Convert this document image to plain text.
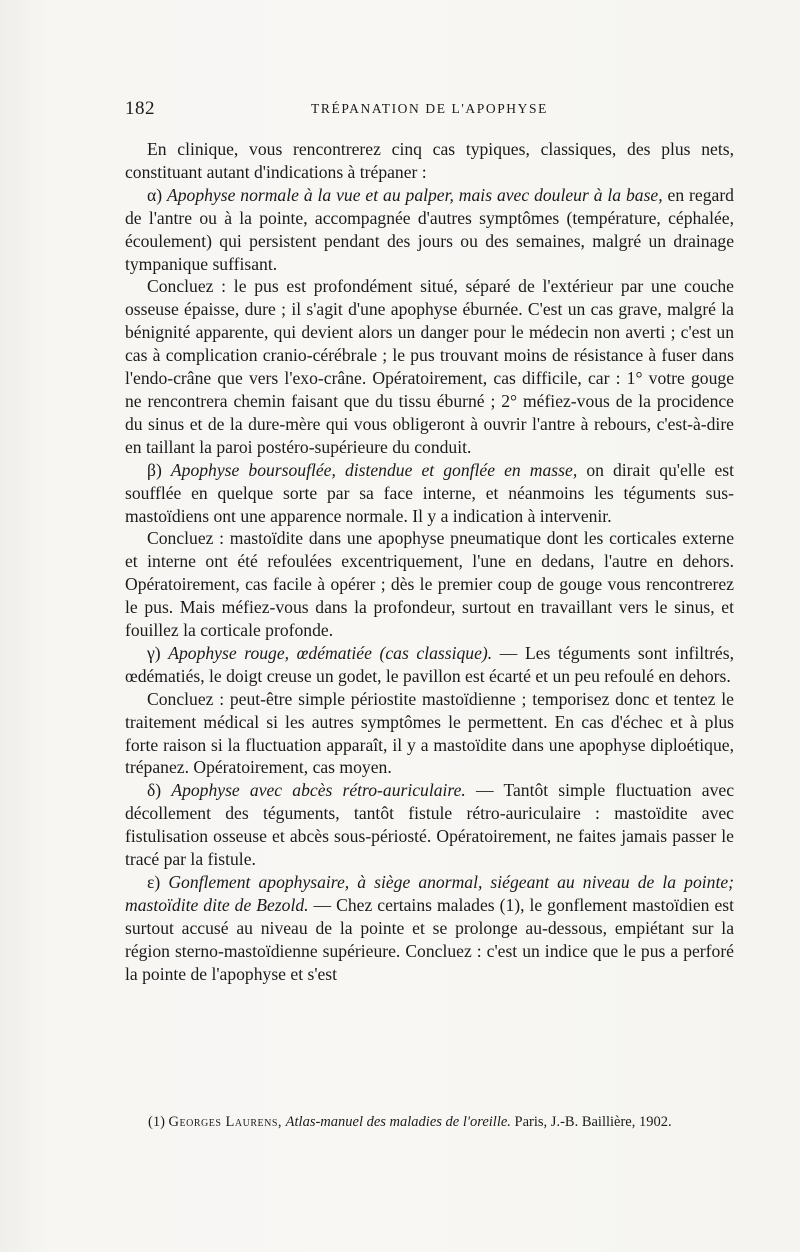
182	TRÉPANATION DE L'APOPHYSE

En clinique, vous rencontrerez cinq cas typiques, classiques, des plus nets, constituant autant d'indications à trépaner :

α) Apophyse normale à la vue et au palper, mais avec douleur à la base, en regard de l'antre ou à la pointe, accompagnée d'autres symptômes (température, céphalée, écoulement) qui persistent pendant des jours ou des semaines, malgré un drainage tympanique suffisant.

Concluez : le pus est profondément situé, séparé de l'extérieur par une couche osseuse épaisse, dure ; il s'agit d'une apophyse éburnée. C'est un cas grave, malgré la bénignité apparente, qui devient alors un danger pour le médecin non averti ; c'est un cas à complication cranio-cérébrale ; le pus trouvant moins de résistance à fuser dans l'endo-crâne que vers l'exo-crâne. Opératoirement, cas difficile, car : 1° votre gouge ne rencontrera chemin faisant que du tissu éburné ; 2° méfiez-vous de la procidence du sinus et de la dure-mère qui vous obligeront à ouvrir l'antre à rebours, c'est-à-dire en taillant la paroi postéro-supérieure du conduit.

β) Apophyse boursouflée, distendue et gonflée en masse, on dirait qu'elle est soufflée en quelque sorte par sa face interne, et néanmoins les téguments sus-mastoïdiens ont une apparence normale. Il y a indication à intervenir.

Concluez : mastoïdite dans une apophyse pneumatique dont les corticales externe et interne ont été refoulées excentriquement, l'une en dedans, l'autre en dehors. Opératoirement, cas facile à opérer ; dès le premier coup de gouge vous rencontrerez le pus. Mais méfiez-vous dans la profondeur, surtout en travaillant vers le sinus, et fouillez la corticale profonde.

γ) Apophyse rouge, œdématiée (cas classique). — Les téguments sont infiltrés, œdématiés, le doigt creuse un godet, le pavillon est écarté et un peu refoulé en dehors.

Concluez : peut-être simple périostite mastoïdienne ; temporisez donc et tentez le traitement médical si les autres symptômes le permettent. En cas d'échec et à plus forte raison si la fluctuation apparaît, il y a mastoïdite dans une apophyse diploétique, trépanez. Opératoirement, cas moyen.

δ) Apophyse avec abcès rétro-auriculaire. — Tantôt simple fluctuation avec décollement des téguments, tantôt fistule rétro-auriculaire : mastoïdite avec fistulisation osseuse et abcès sous-périosté. Opératoirement, ne faites jamais passer le tracé par la fistule.

ε) Gonflement apophysaire, à siège anormal, siégeant au niveau de la pointe; mastoïdite dite de Bezold. — Chez certains malades (1), le gonflement mastoïdien est surtout accusé au niveau de la pointe et se prolonge au-dessous, empiétant sur la région sterno-mastoïdienne supérieure. Concluez : c'est un indice que le pus a perforé la pointe de l'apophyse et s'est

(1) Georges Laurens, Atlas-manuel des maladies de l'oreille. Paris, J.-B. Baillière, 1902.
